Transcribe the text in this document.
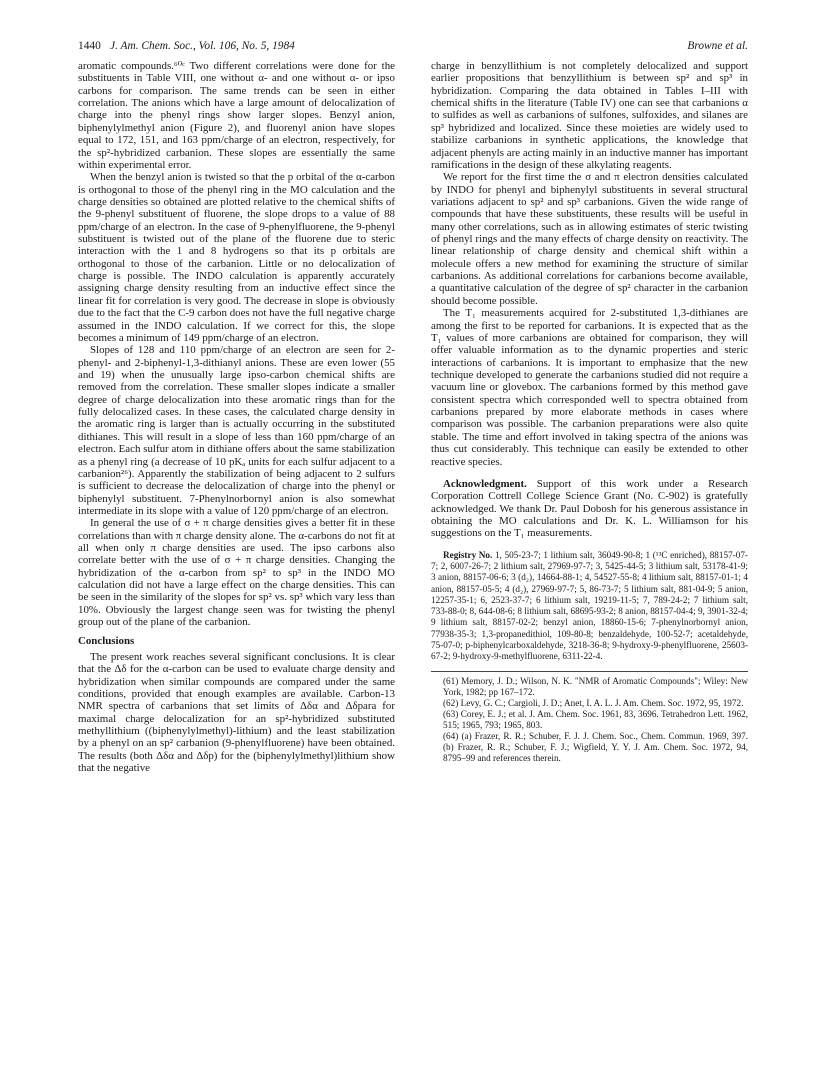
1440 J. Am. Chem. Soc., Vol. 106, No. 5, 1984	Browne et al.

aromatic compounds.⁶⁰ᶜ Two different correlations were done for the substituents in Table VIII, one without α- and one without α- or ipso carbons for comparison. The same trends can be seen in either correlation. The anions which have a large amount of delocalization of charge into the phenyl rings show larger slopes. Benzyl anion, biphenylylmethyl anion (Figure 2), and fluorenyl anion have slopes equal to 172, 151, and 163 ppm/charge of an electron, respectively, for the sp²-hybridized carbanion. These slopes are essentially the same within experimental error.

When the benzyl anion is twisted so that the p orbital of the α-carbon is orthogonal to those of the phenyl ring in the MO calculation and the charge densities so obtained are plotted relative to the chemical shifts of the 9-phenyl substituent of fluorene, the slope drops to a value of 88 ppm/charge of an electron. In the case of 9-phenylfluorene, the 9-phenyl substituent is twisted out of the plane of the fluorene due to steric interaction with the 1 and 8 hydrogens so that its p orbitals are orthogonal to those of the carbanion. Little or no delocalization of charge is possible. The INDO calculation is apparently accurately assigning charge density resulting from an inductive effect since the linear fit for correlation is very good. The decrease in slope is obviously due to the fact that the C-9 carbon does not have the full negative charge assumed in the INDO calculation. If we correct for this, the slope becomes a minimum of 149 ppm/charge of an electron.

Slopes of 128 and 110 ppm/charge of an electron are seen for 2-phenyl- and 2-biphenyl-1,3-dithianyl anions. These are even lower (55 and 19) when the unusually large ipso-carbon chemical shifts are removed from the correlation. These smaller slopes indicate a smaller degree of charge delocalization into these aromatic rings than for the fully delocalized cases. In these cases, the calculated charge density in the aromatic ring is larger than is actually occurring in the substituted dithianes. This will result in a slope of less than 160 ppm/charge of an electron. Each sulfur atom in dithiane offers about the same stabilization as a phenyl ring (a decrease of 10 pKₐ units for each sulfur adjacent to a carbanion²⁶). Apparently the stabilization of being adjacent to 2 sulfurs is sufficient to decrease the delocalization of charge into the phenyl or biphenylyl substituent. 7-Phenylnorbornyl anion is also somewhat intermediate in its slope with a value of 120 ppm/charge of an electron.

In general the use of σ + π charge densities gives a better fit in these correlations than with π charge density alone. The α-carbons do not fit at all when only π charge densities are used. The ipso carbons also correlate better with the use of σ + π charge densities. Changing the hybridization of the α-carbon from sp² to sp³ in the INDO MO calculation did not have a large effect on the charge densities. This can be seen in the similarity of the slopes for sp² vs. sp³ which vary less than 10%. Obviously the largest change seen was for twisting the phenyl group out of the plane of the carbanion.

Conclusions

The present work reaches several significant conclusions. It is clear that the Δδ for the α-carbon can be used to evaluate charge density and hybridization when similar compounds are compared under the same conditions, provided that enough examples are available. Carbon-13 NMR spectra of carbanions that set limits of Δδα and Δδpara for maximal charge delocalization for an sp²-hybridized substituted methyllithium ((biphenylylmethyl)-lithium) and the least stabilization by a phenyl on an sp² carbanion (9-phenylfluorene) have been obtained. The results (both Δδα and Δδp) for the (biphenylylmethyl)lithium show that the negative

charge in benzyllithium is not completely delocalized and support earlier propositions that benzyllithium is between sp² and sp³ in hybridization. Comparing the data obtained in Tables I–III with chemical shifts in the literature (Table IV) one can see that carbanions α to sulfides as well as carbanions of sulfones, sulfoxides, and silanes are sp³ hybridized and localized. Since these moieties are widely used to stabilize carbanions in synthetic applications, the knowledge that adjacent phenyls are acting mainly in an inductive manner has important ramifications in the design of these alkylating reagents.

We report for the first time the σ and π electron densities calculated by INDO for phenyl and biphenylyl substituents in several structural variations adjacent to sp² and sp³ carbanions. Given the wide range of compounds that have these substituents, these results will be useful in many other correlations, such as in allowing estimates of steric twisting of phenyl rings and the many effects of charge density on reactivity. The linear relationship of charge density and chemical shift within a molecule offers a new method for examining the structure of similar carbanions. As additional correlations for carbanions become available, a quantitative calculation of the degree of sp² character in the carbanion should become possible.

The T₁ measurements acquired for 2-substituted 1,3-dithianes are among the first to be reported for carbanions. It is expected that as the T₁ values of more carbanions are obtained for comparison, they will offer valuable information as to the dynamic properties and steric interactions of carbanions. It is important to emphasize that the new technique developed to generate the carbanions studied did not require a vacuum line or glovebox. The carbanions formed by this method gave consistent spectra which corresponded well to spectra obtained from carbanions prepared by more elaborate methods in cases where comparison was possible. The carbanion preparations were also quite stable. The time and effort involved in taking spectra of the anions was thus cut considerably. This technique can easily be extended to other reactive species.

Acknowledgment. Support of this work under a Research Corporation Cottrell College Science Grant (No. C-902) is gratefully acknowledged. We thank Dr. Paul Dobosh for his generous assistance in obtaining the MO calculations and Dr. K. L. Williamson for his suggestions on the T₁ measurements.

Registry No. 1, 505-23-7; 1 lithium salt, 36049-90-8; 1 (¹³C enriched), 88157-07-7; 2, 6007-26-7; 2 lithium salt, 27969-97-7; 3, 5425-44-5; 3 lithium salt, 53178-41-9; 3 anion, 88157-06-6; 3 (d₂), 14664-88-1; 4, 54527-55-8; 4 lithium salt, 88157-01-1; 4 anion, 88157-05-5; 4 (d₂), 27969-97-7; 5, 86-73-7; 5 lithium salt, 881-04-9; 5 anion, 12257-35-1; 6, 2523-37-7; 6 lithium salt, 19219-11-5; 7, 789-24-2; 7 lithium salt, 733-88-0; 8, 644-08-6; 8 lithium salt, 68695-93-2; 8 anion, 88157-04-4; 9, 3901-32-4; 9 lithium salt, 88157-02-2; benzyl anion, 18860-15-6; 7-phenylnorbornyl anion, 77938-35-3; 1,3-propanedithiol, 109-80-8; benzaldehyde, 100-52-7; acetaldehyde, 75-07-0; p-biphenylcarboxaldehyde, 3218-36-8; 9-hydroxy-9-phenylfluorene, 25603-67-2; 9-hydroxy-9-methylfluorene, 6311-22-4.

(61) Memory, J. D.; Wilson, N. K. "NMR of Aromatic Compounds"; Wiley: New York, 1982; pp 167–172.

(62) Levy, G. C.; Cargioli, J. D.; Anet, I. A. L. J. Am. Chem. Soc. 1972, 95, 1972.

(63) Corey, E. J.; et al. J. Am. Chem. Soc. 1961, 83, 3696. Tetrahedron Lett. 1962, 515; 1965, 793; 1965, 803.

(64) (a) Frazer, R. R.; Schuber, F. J. J. Chem. Soc., Chem. Commun. 1969, 397. (b) Frazer, R. R.; Schuber, F. J.; Wigfield, Y. Y. J. Am. Chem. Soc. 1972, 94, 8795–99 and references therein.
